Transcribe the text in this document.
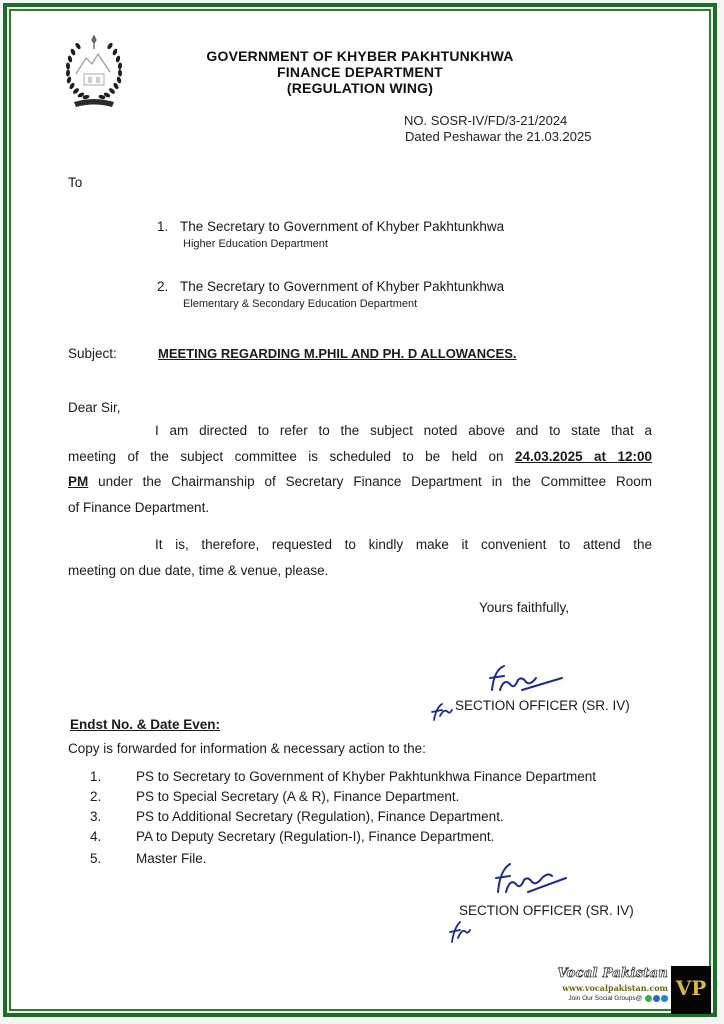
GOVERNMENT OF KHYBER PAKHTUNKHWA
FINANCE DEPARTMENT
(REGULATION WING)
NO. SOSR-IV/FD/3-21/2024
Dated Peshawar the 21.03.2025
To
1. The Secretary to Government of Khyber Pakhtunkhwa
Higher Education Department
2. The Secretary to Government of Khyber Pakhtunkhwa
Elementary & Secondary Education Department
Subject:	MEETING REGARDING M.PHIL AND PH. D ALLOWANCES.
Dear Sir,
I am directed to refer to the subject noted above and to state that a
meeting of the subject committee is scheduled to be held on 24.03.2025 at 12:00
PM under the Chairmanship of Secretary Finance Department in the Committee Room
of Finance Department.
It is, therefore, requested to kindly make it convenient to attend the
meeting on due date, time & venue, please.
Yours faithfully,
SECTION OFFICER (SR. IV)
Endst No. & Date Even:
Copy is forwarded for information & necessary action to the:
1.	PS to Secretary to Government of Khyber Pakhtunkhwa Finance Department
2.	PS to Special Secretary (A & R), Finance Department.
3.	PS to Additional Secretary (Regulation), Finance Department.
4.	PA to Deputy Secretary (Regulation-I), Finance Department.
5.	Master File.
SECTION OFFICER (SR. IV)
Vocal Pakistan
www.vocalpakistan.com
Join Our Social Groups@	VP
